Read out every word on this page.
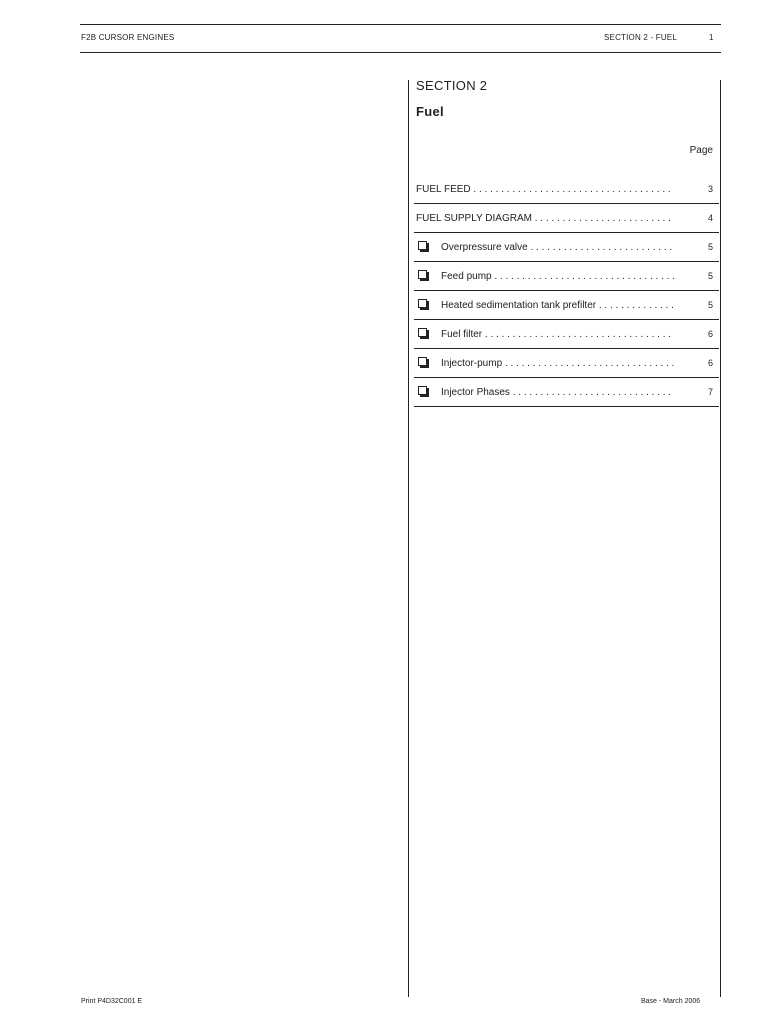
F2B CURSOR ENGINES	SECTION 2 - FUEL	1
SECTION 2
Fuel
Page
FUEL FEED . . .	3
FUEL SUPPLY DIAGRAM . . .	4
Overpressure valve . . .	5
Feed pump . . .	5
Heated sedimentation tank prefilter . . .	5
Fuel filter . . .	6
Injector-pump . . .	6
Injector Phases . . .	7
Print P4D32C001 E	Base - March 2006
